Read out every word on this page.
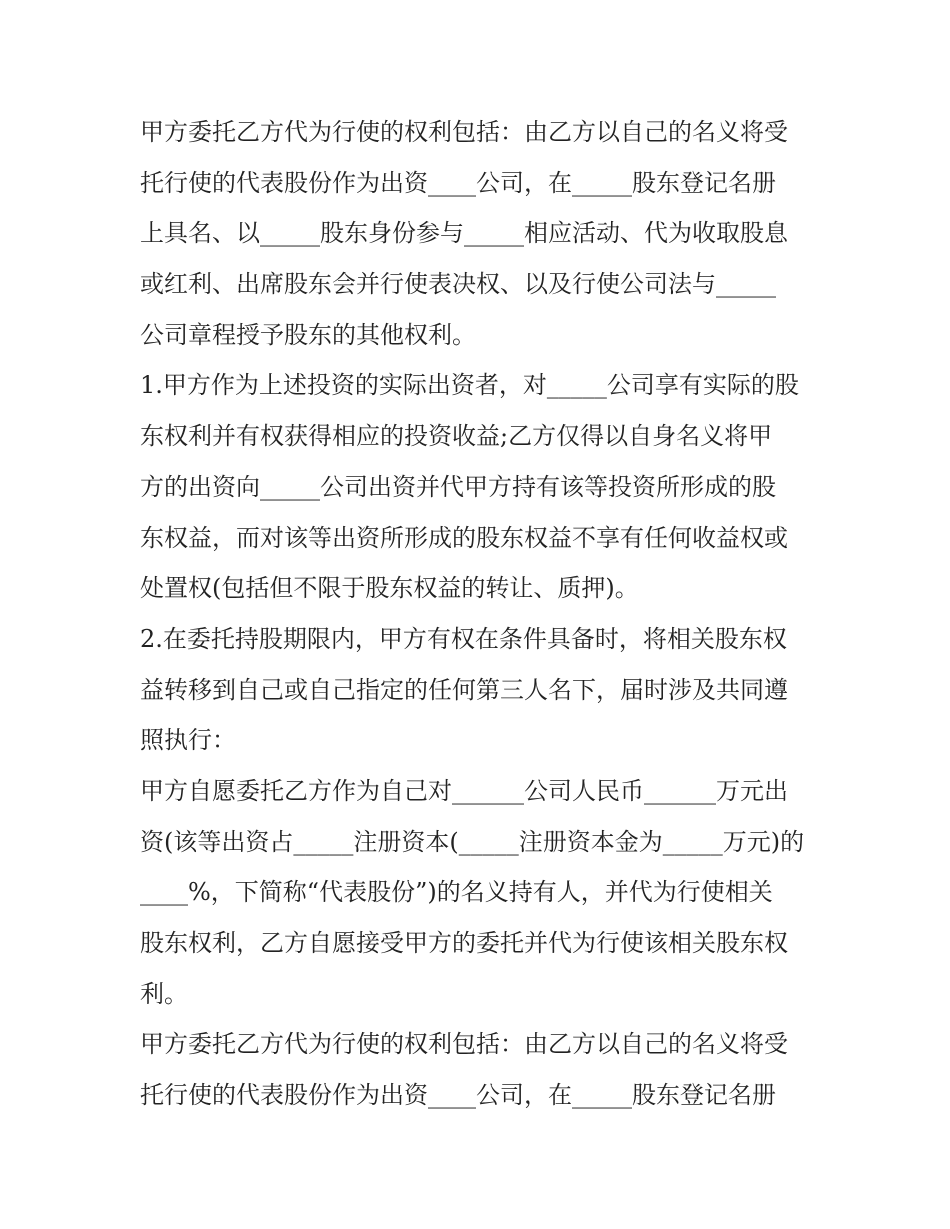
甲方委托乙方代为行使的权利包括：由乙方以自己的名义将受
托行使的代表股份作为出资____公司，在_____股东登记名册
上具名、以_____股东身份参与_____相应活动、代为收取股息
或红利、出席股东会并行使表决权、以及行使公司法与_____
公司章程授予股东的其他权利。
1.甲方作为上述投资的实际出资者，对_____公司享有实际的股
东权利并有权获得相应的投资收益;乙方仅得以自身名义将甲
方的出资向_____公司出资并代甲方持有该等投资所形成的股
东权益，而对该等出资所形成的股东权益不享有任何收益权或
处置权(包括但不限于股东权益的转让、质押)。
2.在委托持股期限内，甲方有权在条件具备时，将相关股东权
益转移到自己或自己指定的任何第三人名下，届时涉及共同遵
照执行：
甲方自愿委托乙方作为自己对______公司人民币______万元出
资(该等出资占_____注册资本(_____注册资本金为_____万元)的
____%，下简称“代表股份”)的名义持有人，并代为行使相关
股东权利，乙方自愿接受甲方的委托并代为行使该相关股东权
利。
甲方委托乙方代为行使的权利包括：由乙方以自己的名义将受
托行使的代表股份作为出资____公司，在_____股东登记名册
